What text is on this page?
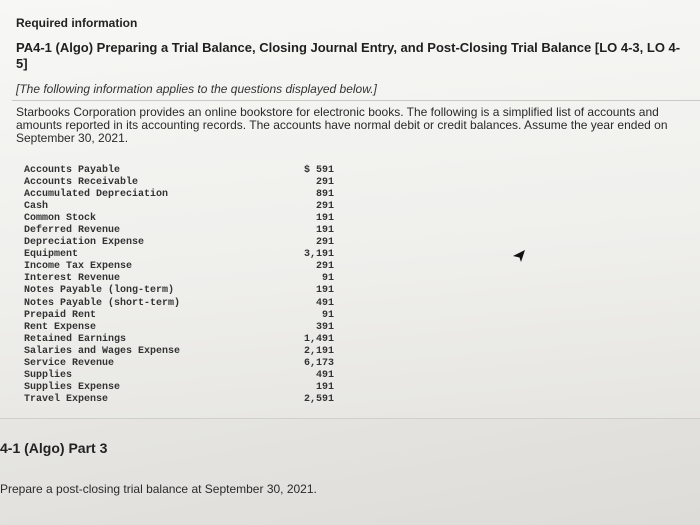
Required information
PA4-1 (Algo) Preparing a Trial Balance, Closing Journal Entry, and Post-Closing Trial Balance [LO 4-3, LO 4-5]
[The following information applies to the questions displayed below.]
Starbooks Corporation provides an online bookstore for electronic books. The following is a simplified list of accounts and amounts reported in its accounting records. The accounts have normal debit or credit balances. Assume the year ended on September 30, 2021.
Accounts Payable	$ 591
Accounts Receivable	291
Accumulated Depreciation	891
Cash	291
Common Stock	191
Deferred Revenue	191
Depreciation Expense	291
Equipment	3,191
Income Tax Expense	291
Interest Revenue	91
Notes Payable (long-term)	191
Notes Payable (short-term)	491
Prepaid Rent	91
Rent Expense	391
Retained Earnings	1,491
Salaries and Wages Expense	2,191
Service Revenue	6,173
Supplies	491
Supplies Expense	191
Travel Expense	2,591
4-1 (Algo) Part 3
Prepare a post-closing trial balance at September 30, 2021.
